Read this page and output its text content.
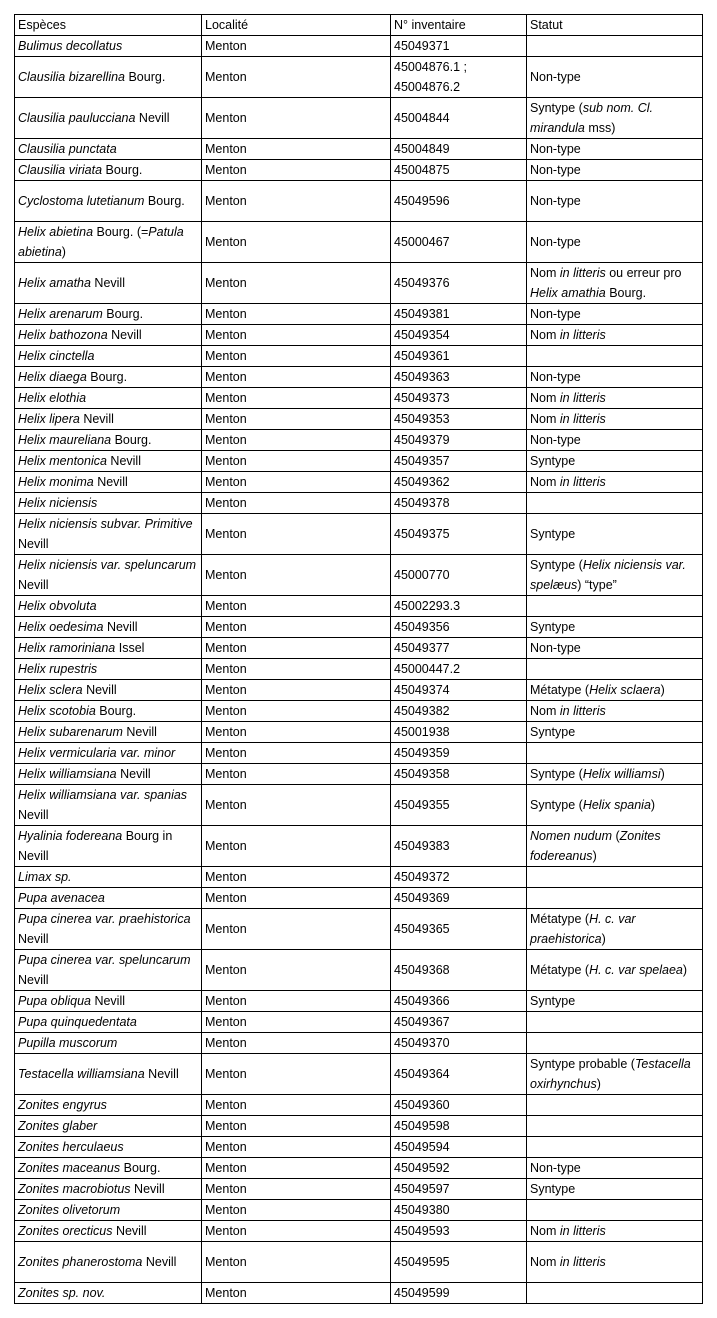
Espèces	Localité	N° inventaire	Statut
Bulimus decollatus	Menton	45049371	
Clausilia bizarellina Bourg.	Menton	45004876.1 ; 45004876.2	Non-type
Clausilia paulucciana Nevill	Menton	45004844	Syntype (sub nom. Cl. mirandula mss)
Clausilia punctata	Menton	45004849	Non-type
Clausilia viriata Bourg.	Menton	45004875	Non-type
Cyclostoma lutetianum Bourg.	Menton	45049596	Non-type
Helix abietina Bourg. (=Patula abietina)	Menton	45000467	Non-type
Helix amatha Nevill	Menton	45049376	Nom in litteris ou erreur pro Helix amathia Bourg.
Helix arenarum Bourg.	Menton	45049381	Non-type
Helix bathozona Nevill	Menton	45049354	Nom in litteris
Helix cinctella	Menton	45049361	
Helix diaega Bourg.	Menton	45049363	Non-type
Helix elothia	Menton	45049373	Nom in litteris
Helix lipera Nevill	Menton	45049353	Nom in litteris
Helix maureliana Bourg.	Menton	45049379	Non-type
Helix mentonica Nevill	Menton	45049357	Syntype
Helix monima Nevill	Menton	45049362	Nom in litteris
Helix niciensis	Menton	45049378	
Helix niciensis subvar. Primitive Nevill	Menton	45049375	Syntype
Helix niciensis var. speluncarum Nevill	Menton	45000770	Syntype (Helix niciensis var. spelæus) “type”
Helix obvoluta	Menton	45002293.3	
Helix oedesima Nevill	Menton	45049356	Syntype
Helix ramoriniana Issel	Menton	45049377	Non-type
Helix rupestris	Menton	45000447.2	
Helix sclera Nevill	Menton	45049374	Métatype (Helix sclaera)
Helix scotobia Bourg.	Menton	45049382	Nom in litteris
Helix subarenarum Nevill	Menton	45001938	Syntype
Helix vermicularia var. minor	Menton	45049359	
Helix williamsiana Nevill	Menton	45049358	Syntype (Helix williamsi)
Helix williamsiana var. spanias Nevill	Menton	45049355	Syntype (Helix spania)
Hyalinia fodereana Bourg in Nevill	Menton	45049383	Nomen nudum (Zonites fodereanus)
Limax sp.	Menton	45049372	
Pupa avenacea	Menton	45049369	
Pupa cinerea var. praehistorica Nevill	Menton	45049365	Métatype (H. c. var praehistorica)
Pupa cinerea var. speluncarum Nevill	Menton	45049368	Métatype (H. c. var spelaea)
Pupa obliqua Nevill	Menton	45049366	Syntype
Pupa quinquedentata	Menton	45049367	
Pupilla muscorum	Menton	45049370	
Testacella williamsiana Nevill	Menton	45049364	Syntype probable (Testacella oxirhynchus)
Zonites engyrus	Menton	45049360	
Zonites glaber	Menton	45049598	
Zonites herculaeus	Menton	45049594	
Zonites maceanus Bourg.	Menton	45049592	Non-type
Zonites macrobiotus Nevill	Menton	45049597	Syntype
Zonites olivetorum	Menton	45049380	
Zonites orecticus Nevill	Menton	45049593	Nom in litteris
Zonites phanerostoma Nevill	Menton	45049595	Nom in litteris
Zonites sp. nov.	Menton	45049599	
